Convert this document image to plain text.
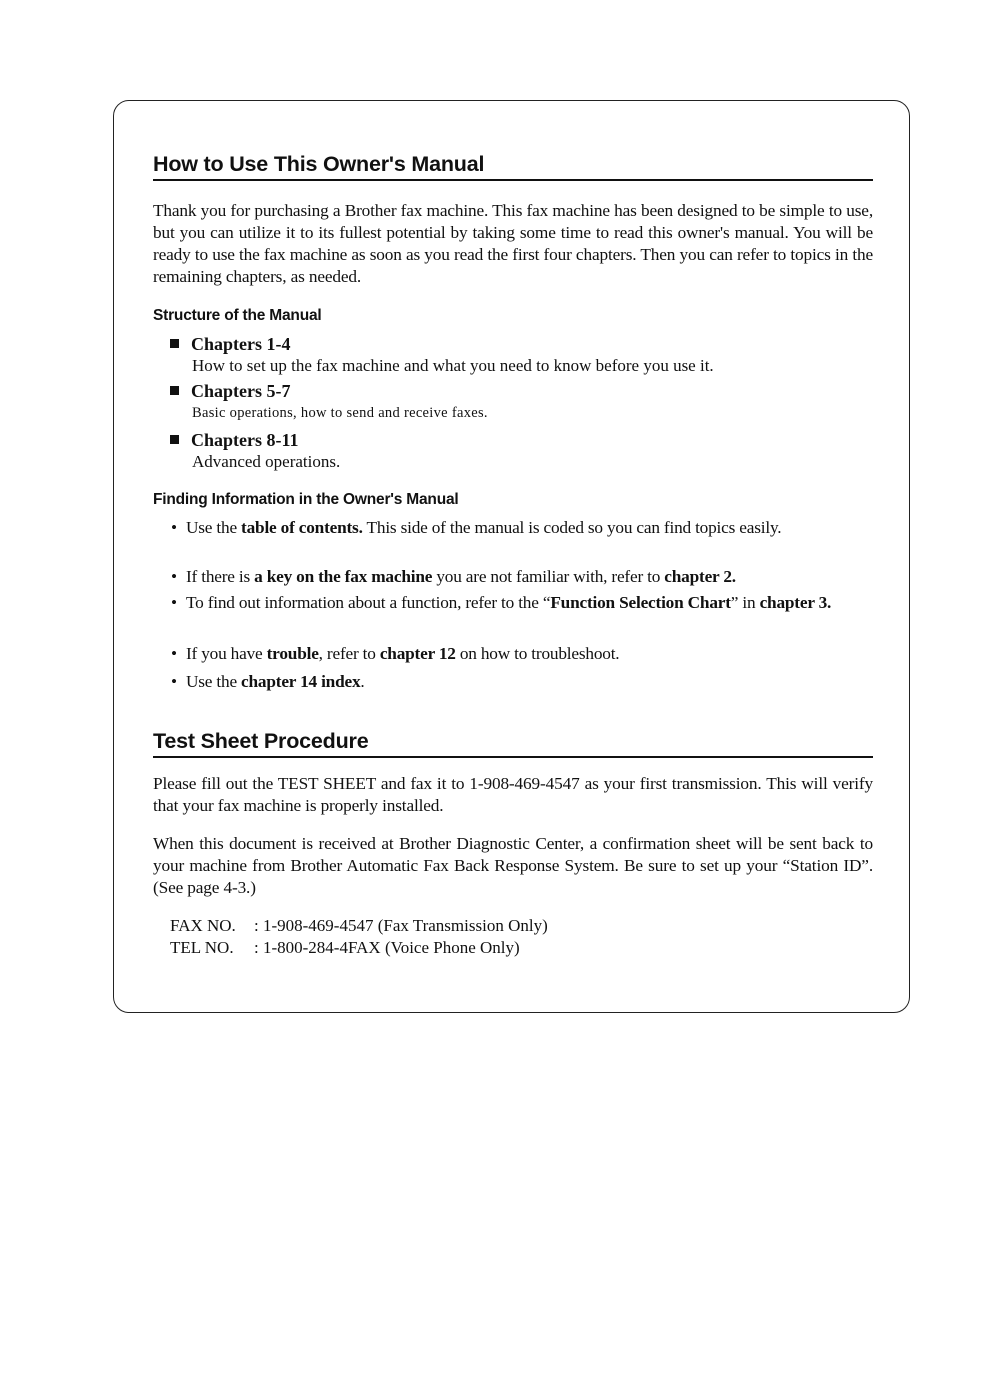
How to Use This Owner's Manual
Thank you for purchasing a Brother fax machine. This fax machine has been designed to be simple to use, but you can utilize it to its fullest potential by taking some time to read this owner's manual. You will be ready to use the fax machine as soon as you read the first four chapters. Then you can refer to topics in the remaining chapters, as needed.
Structure of the Manual
Chapters 1-4
How to set up the fax machine and what you need to know before you use it.
Chapters 5-7
Basic operations, how to send and receive faxes.
Chapters 8-11
Advanced operations.
Finding Information in the Owner's Manual
• Use the table of contents. This side of the manual is coded so you can find topics easily.
• If there is a key on the fax machine you are not familiar with, refer to chapter 2.
• To find out information about a function, refer to the “Function Selection Chart” in chapter 3.
• If you have trouble, refer to chapter 12 on how to troubleshoot.
• Use the chapter 14 index.
Test Sheet Procedure
Please fill out the TEST SHEET and fax it to 1-908-469-4547 as your first transmission. This will verify that your fax machine is properly installed.
When this document is received at Brother Diagnostic Center, a confirmation sheet will be sent back to your machine from Brother Automatic Fax Back Response System. Be sure to set up your “Station ID”. (See page 4-3.)
FAX NO. : 1-908-469-4547 (Fax Transmission Only)
TEL NO. : 1-800-284-4FAX (Voice Phone Only)
